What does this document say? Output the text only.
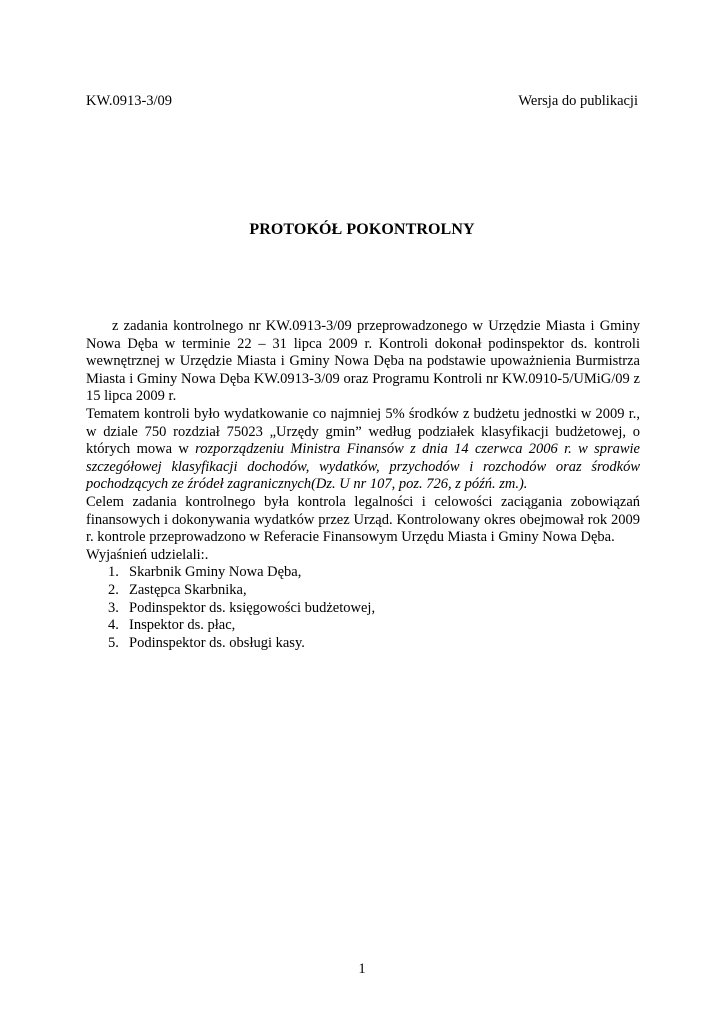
KW.0913-3/09	Wersja do publikacji
PROTOKÓŁ POKONTROLNY

z zadania kontrolnego nr KW.0913-3/09 przeprowadzonego w Urzędzie Miasta i Gminy Nowa Dęba w terminie 22 – 31 lipca 2009 r. Kontroli dokonał podinspektor ds. kontroli wewnętrznej w Urzędzie Miasta i Gminy Nowa Dęba na podstawie upoważnienia Burmistrza Miasta i Gminy Nowa Dęba KW.0913-3/09 oraz Programu Kontroli nr KW.0910-5/UMiG/09 z 15 lipca 2009 r.

Tematem kontroli było wydatkowanie co najmniej 5% środków z budżetu jednostki w 2009 r., w dziale 750 rozdział 75023 „Urzędy gmin” według podziałek klasyfikacji budżetowej, o których mowa w rozporządzeniu Ministra Finansów z dnia 14 czerwca 2006 r. w sprawie szczegółowej klasyfikacji dochodów, wydatków, przychodów i rozchodów oraz środków pochodzących ze źródeł zagranicznych(Dz. U nr 107, poz. 726, z późń. zm.).

Celem zadania kontrolnego była kontrola legalności i celowości zaciągania zobowiązań finansowych i dokonywania wydatków przez Urząd. Kontrolowany okres obejmował rok 2009 r. kontrole przeprowadzono w Referacie Finansowym Urzędu Miasta i Gminy Nowa Dęba.

Wyjaśnień udzielali:.

1. Skarbnik Gminy Nowa Dęba,
2. Zastępca Skarbnika,
3. Podinspektor ds. księgowości budżetowej,
4. Inspektor ds. płac,
5. Podinspektor ds. obsługi kasy.
1
